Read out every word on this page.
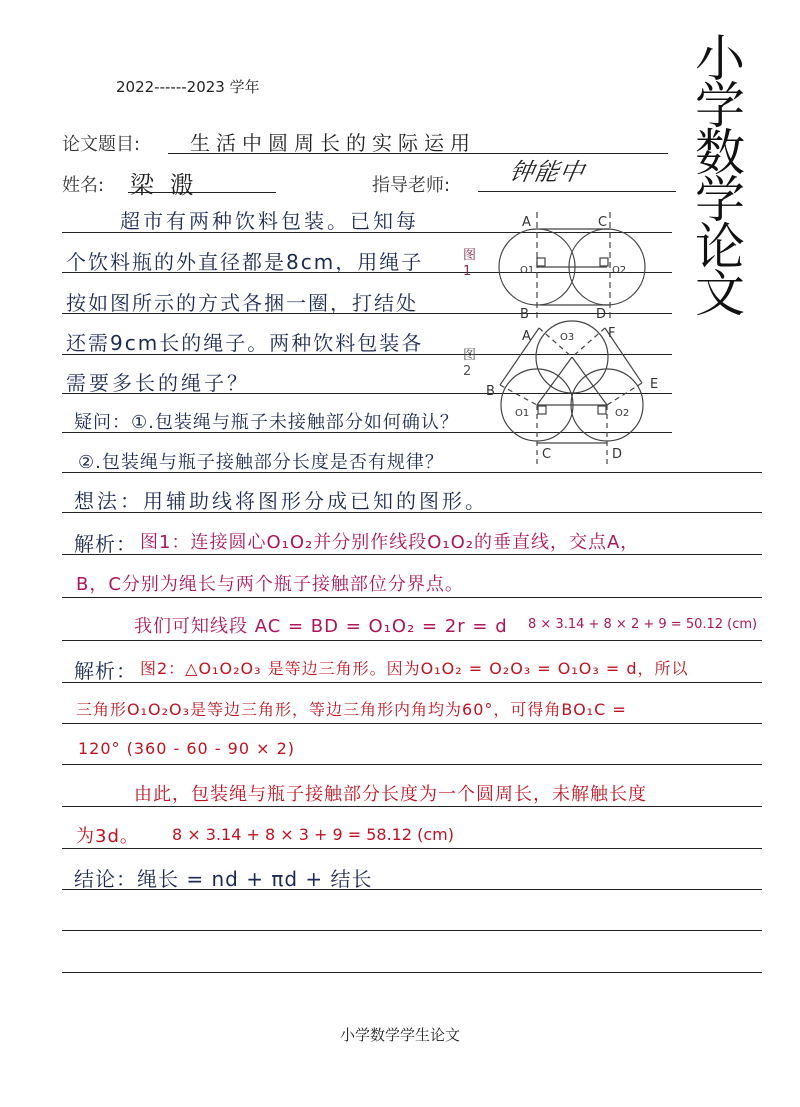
2022------2023 学年	小
学
数
学
论
文
论文题目: 生活中圆周长的实际运用
姓名: 梁 溵	指导老师: 钟能中
超市有两种饮料包装。已知每
个饮料瓶的外直径都是8cm，用绳子
按如图所示的方式各捆一圈，打结处
还需9cm长的绳子。两种饮料包装各
需要多长的绳子？
A	C
O1	O2
B	D
A	F
O3
B	E
O1	O2
C	D
图1
图2
疑问：①.包装绳与瓶子未接触部分如何确认？
②.包装绳与瓶子接触部分长度是否有规律？
想法：用辅助线将图形分成已知的图形。
解析： 图1：连接圆心O₁O₂并分别作线段O₁O₂的垂直线，交点A，
B，C分别为绳长与两个瓶子接触部位分界点。
我们可知线段 AC = BD = O₁O₂ = 2r = d 8 × 3.14 + 8 × 2 + 9 = 50.12 (cm)
解析： 图2：△O₁O₂O₃ 是等边三角形。因为O₁O₂ = O₂O₃ = O₁O₃ = d，所以
三角形O₁O₂O₃是等边三角形，等边三角形内角均为60°，可得角BO₁C =
120° (360 - 60 - 90 × 2)
由此，包装绳与瓶子接触部分长度为一个圆周长，未解触长度
为3d。 8 × 3.14 + 8 × 3 + 9 = 58.12 (cm)
结论：绳长 = nd + πd + 结长
小学数学学生论文
